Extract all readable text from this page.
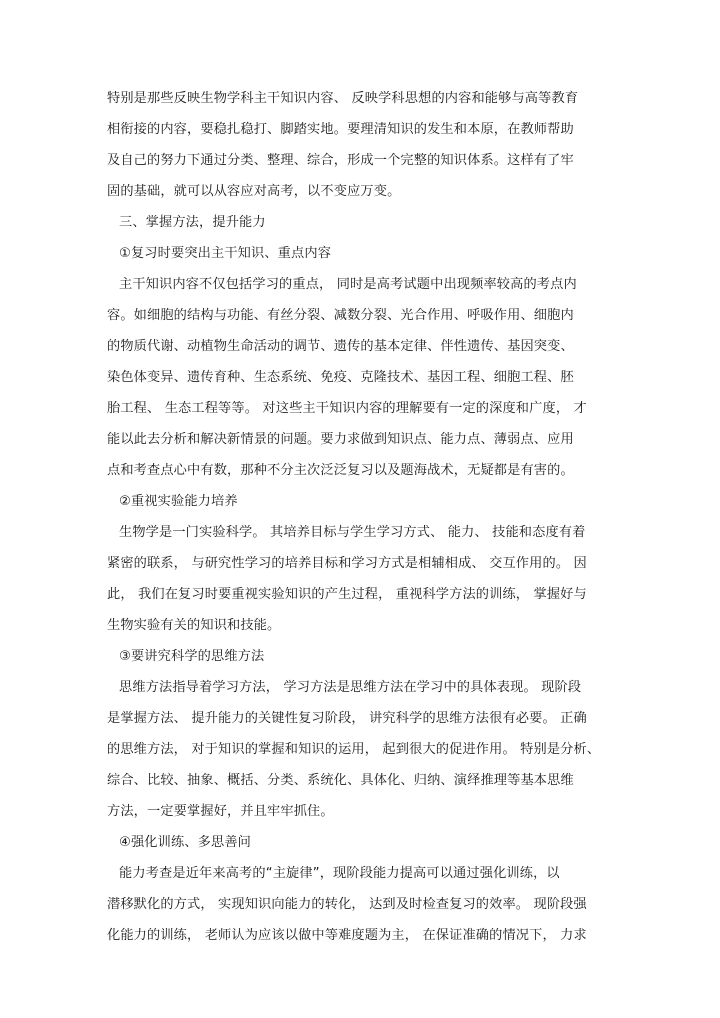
特别是那些反映生物学科主干知识内容、 反映学科思想的内容和能够与高等教育
相衔接的内容，要稳扎稳打、脚踏实地。要理清知识的发生和本原，在教师帮助
及自己的努力下通过分类、整理、综合，形成一个完整的知识体系。这样有了牢
固的基础，就可以从容应对高考，以不变应万变。
三、掌握方法，提升能力
①复习时要突出主干知识、重点内容
主干知识内容不仅包括学习的重点， 同时是高考试题中出现频率较高的考点内
容。如细胞的结构与功能、有丝分裂、减数分裂、光合作用、呼吸作用、细胞内
的物质代谢、动植物生命活动的调节、遗传的基本定律、伴性遗传、基因突变、
染色体变异、遗传育种、生态系统、免疫、克隆技术、基因工程、细胞工程、胚
胎工程、 生态工程等等。 对这些主干知识内容的理解要有一定的深度和广度， 才
能以此去分析和解决新情景的问题。要力求做到知识点、能力点、薄弱点、应用
点和考查点心中有数，那种不分主次泛泛复习以及题海战术，无疑都是有害的。
②重视实验能力培养
生物学是一门实验科学。 其培养目标与学生学习方式、 能力、 技能和态度有着
紧密的联系， 与研究性学习的培养目标和学习方式是相辅相成、 交互作用的。 因
此， 我们在复习时要重视实验知识的产生过程， 重视科学方法的训练， 掌握好与
生物实验有关的知识和技能。
③要讲究科学的思维方法
思维方法指导着学习方法， 学习方法是思维方法在学习中的具体表现。 现阶段
是掌握方法、 提升能力的关键性复习阶段， 讲究科学的思维方法很有必要。 正确
的思维方法， 对于知识的掌握和知识的运用， 起到很大的促进作用。 特别是分析、
综合、比较、抽象、概括、分类、系统化、具体化、归纳、演绎推理等基本思维
方法，一定要掌握好，并且牢牢抓住。
④强化训练、多思善问
能力考查是近年来高考的“主旋律”，现阶段能力提高可以通过强化训练，以
潜移默化的方式， 实现知识向能力的转化， 达到及时检查复习的效率。 现阶段强
化能力的训练， 老师认为应该以做中等难度题为主， 在保证准确的情况下， 力求
